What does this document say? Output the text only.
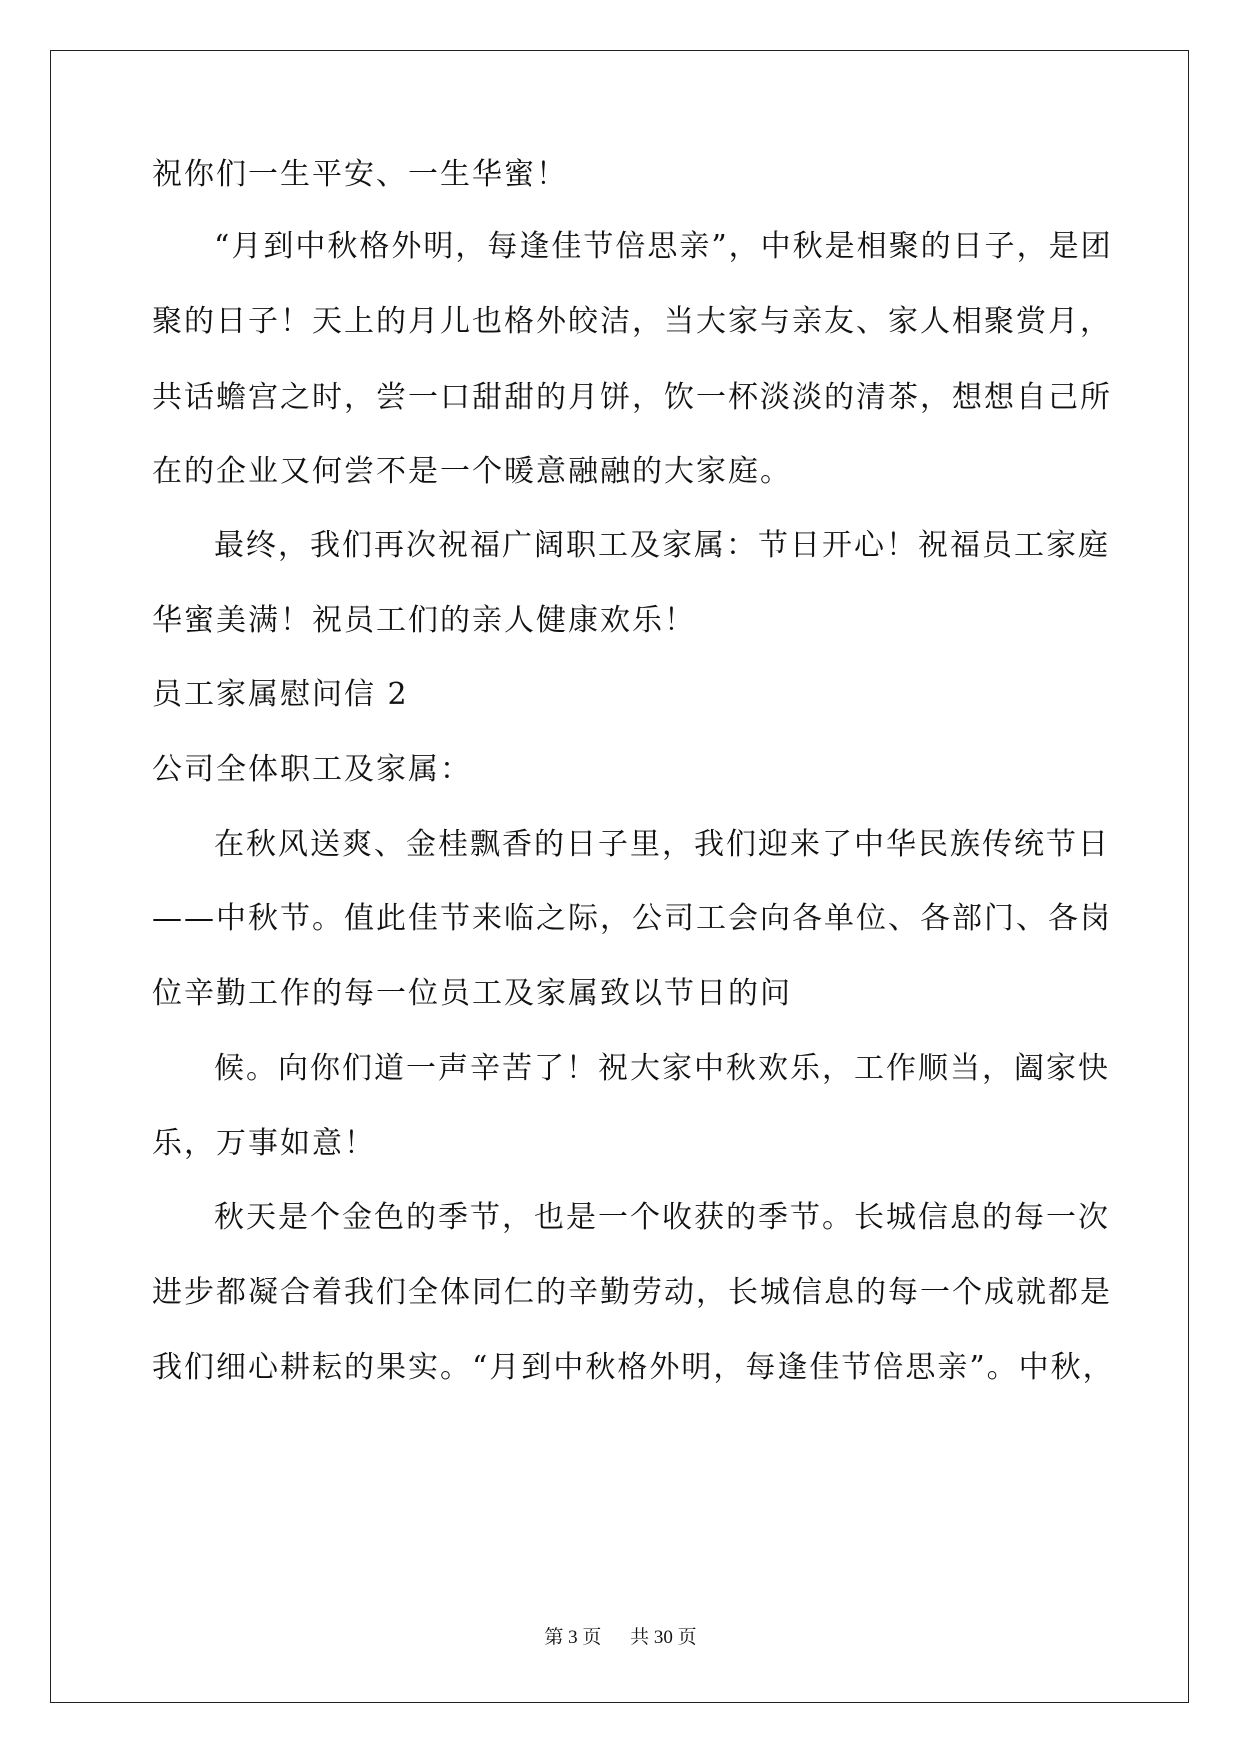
祝你们一生平安、一生华蜜！
“月到中秋格外明，每逢佳节倍思亲”，中秋是相聚的日子，是团
聚的日子！天上的月儿也格外皎洁，当大家与亲友、家人相聚赏月，
共话蟾宫之时，尝一口甜甜的月饼，饮一杯淡淡的清茶，想想自己所
在的企业又何尝不是一个暖意融融的大家庭。
最终，我们再次祝福广阔职工及家属：节日开心！祝福员工家庭
华蜜美满！祝员工们的亲人健康欢乐！
员工家属慰问信 2
公司全体职工及家属：
在秋风送爽、金桂飘香的日子里，我们迎来了中华民族传统节日
——中秋节。值此佳节来临之际，公司工会向各单位、各部门、各岗
位辛勤工作的每一位员工及家属致以节日的问
候。向你们道一声辛苦了！祝大家中秋欢乐，工作顺当，阖家快
乐，万事如意！
秋天是个金色的季节，也是一个收获的季节。长城信息的每一次
进步都凝合着我们全体同仁的辛勤劳动，长城信息的每一个成就都是
我们细心耕耘的果实。“月到中秋格外明，每逢佳节倍思亲”。中秋，
第 3 页 共 30 页
